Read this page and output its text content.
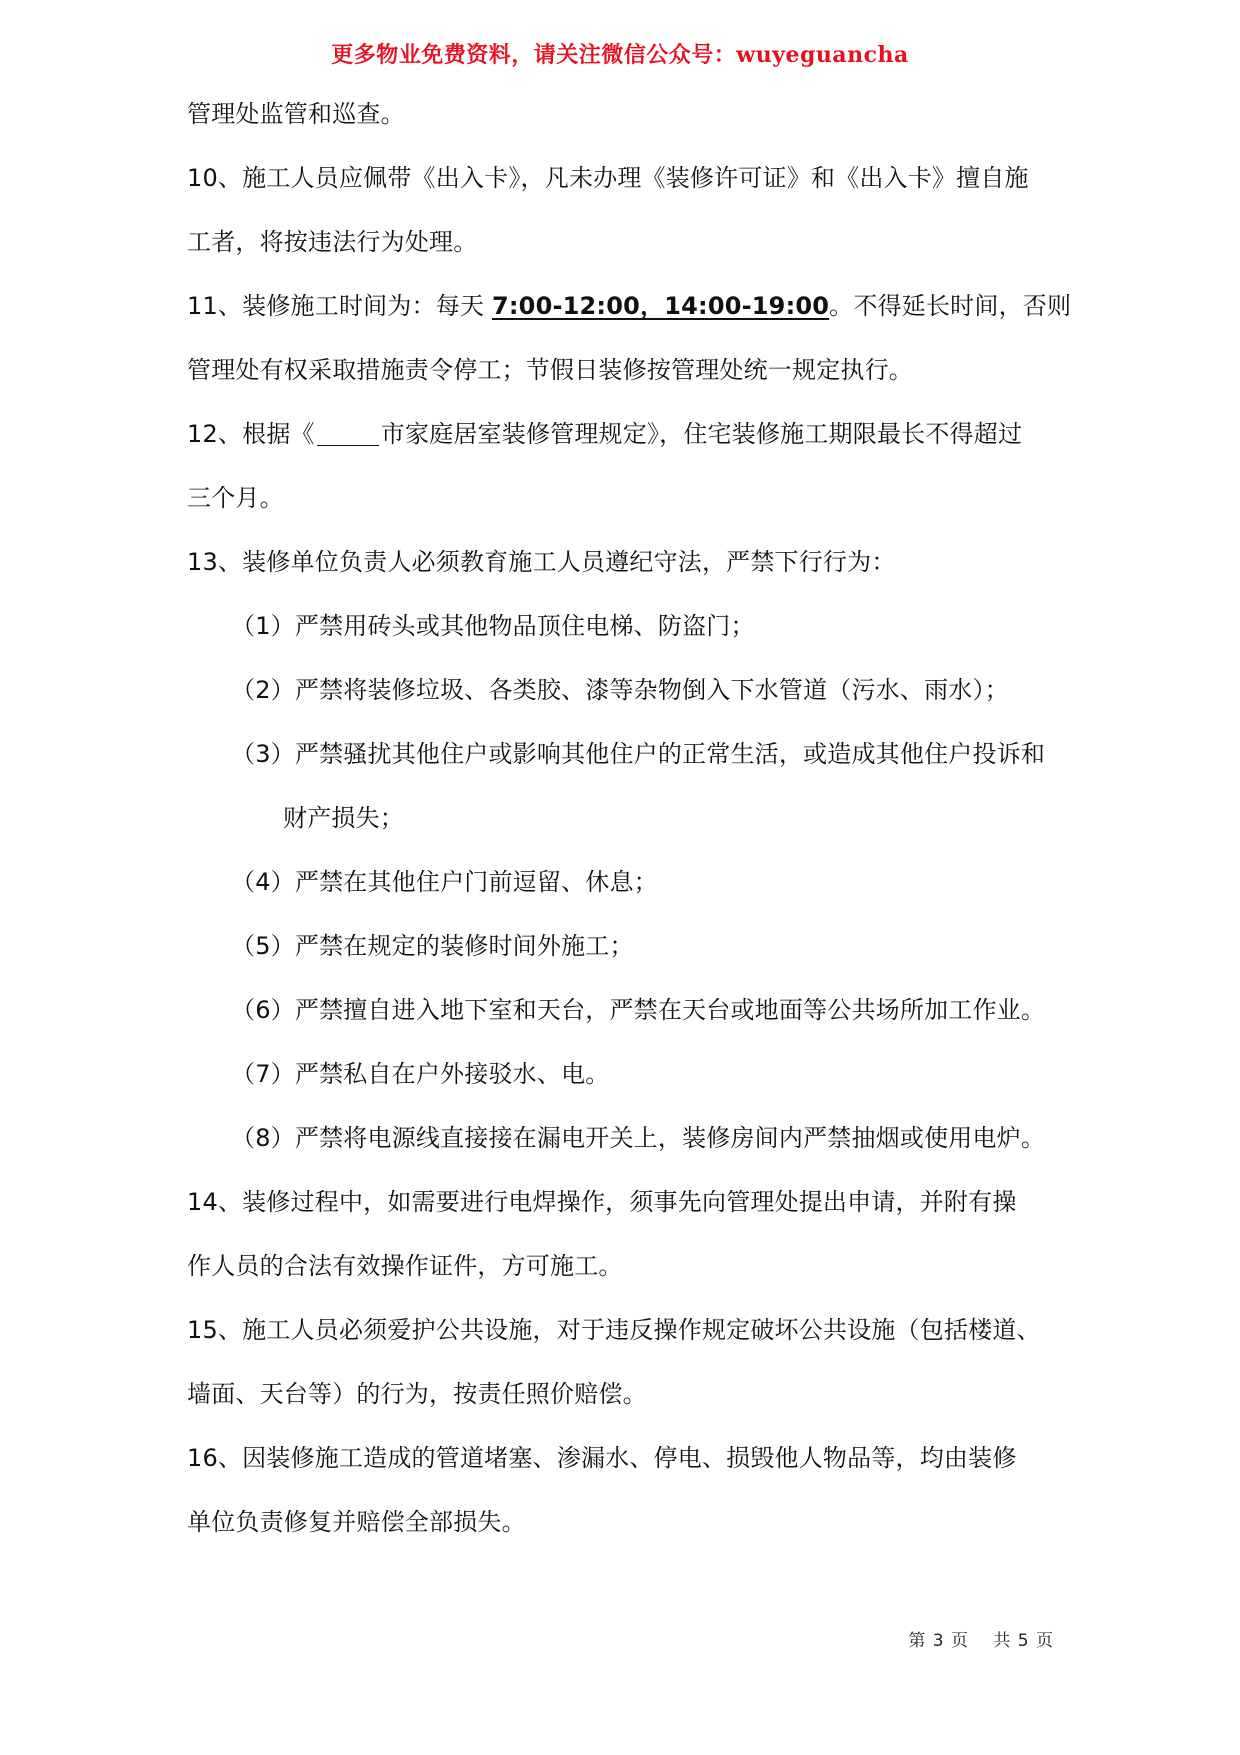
更多物业免费资料，请关注微信公众号：wuyeguancha
管理处监管和巡查。
10、施工人员应佩带《出入卡》，凡未办理《装修许可证》和《出入卡》擅自施
工者，将按违法行为处理。
11、装修施工时间为：每天 7:00-12:00，14:00-19:00。不得延长时间，否则
管理处有权采取措施责令停工；节假日装修按管理处统一规定执行。
12、根据《	市家庭居室装修管理规定》，住宅装修施工期限最长不得超过
三个月。
13、装修单位负责人必须教育施工人员遵纪守法，严禁下行行为：
（1）严禁用砖头或其他物品顶住电梯、防盗门；
（2）严禁将装修垃圾、各类胶、漆等杂物倒入下水管道（污水、雨水）；
（3）严禁骚扰其他住户或影响其他住户的正常生活，或造成其他住户投诉和
财产损失；
（4）严禁在其他住户门前逗留、休息；
（5）严禁在规定的装修时间外施工；
（6）严禁擅自进入地下室和天台，严禁在天台或地面等公共场所加工作业。
（7）严禁私自在户外接驳水、电。
（8）严禁将电源线直接接在漏电开关上，装修房间内严禁抽烟或使用电炉。
14、装修过程中，如需要进行电焊操作，须事先向管理处提出申请，并附有操
作人员的合法有效操作证件，方可施工。
15、施工人员必须爱护公共设施，对于违反操作规定破坏公共设施（包括楼道、
墙面、天台等）的行为，按责任照价赔偿。
16、因装修施工造成的管道堵塞、渗漏水、停电、损毁他人物品等，均由装修
单位负责修复并赔偿全部损失。
第 3 页 共 5 页
